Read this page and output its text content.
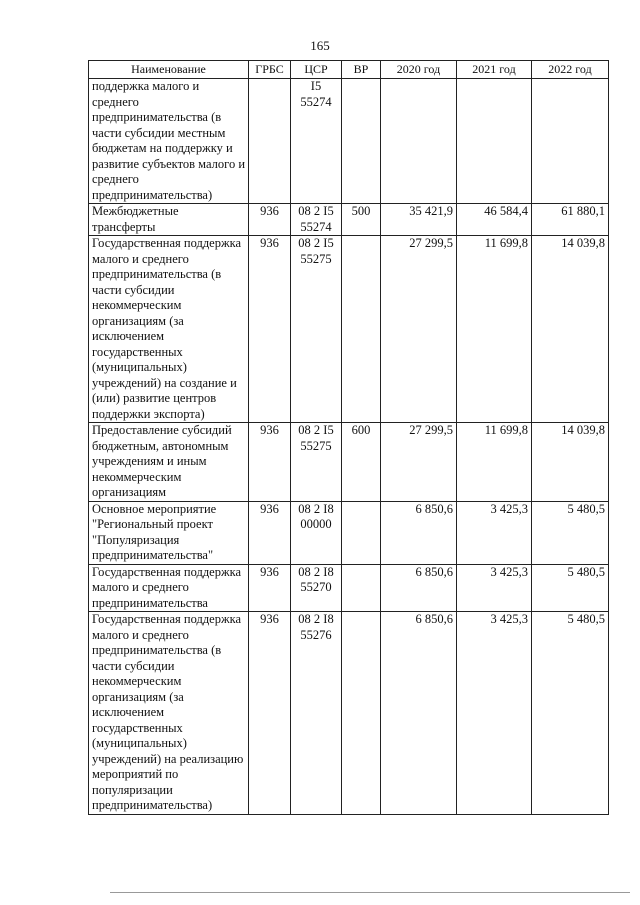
165
Наименование	ГРБС	ЦСР	ВР	2020 год	2021 год	2022 год
поддержка малого и среднего предпринимательства (в части субсидии местным бюджетам на поддержку и развитие субъектов малого и среднего предпринимательства)		I5 55274				
Межбюджетные трансферты	936	08 2 I5 55274	500	35 421,9	46 584,4	61 880,1
Государственная поддержка малого и среднего предпринимательства (в части субсидии некоммерческим организациям (за исключением государственных (муниципальных) учреждений) на создание и (или) развитие центров поддержки экспорта)	936	08 2 I5 55275		27 299,5	11 699,8	14 039,8
Предоставление субсидий бюджетным, автономным учреждениям и иным некоммерческим организациям	936	08 2 I5 55275	600	27 299,5	11 699,8	14 039,8
Основное мероприятие "Региональный проект "Популяризация предпринимательства"	936	08 2 I8 00000		6 850,6	3 425,3	5 480,5
Государственная поддержка малого и среднего предпринимательства	936	08 2 I8 55270		6 850,6	3 425,3	5 480,5
Государственная поддержка малого и среднего предпринимательства (в части субсидии некоммерческим организациям (за исключением государственных (муниципальных) учреждений) на реализацию мероприятий по популяризации предпринимательства)	936	08 2 I8 55276		6 850,6	3 425,3	5 480,5
